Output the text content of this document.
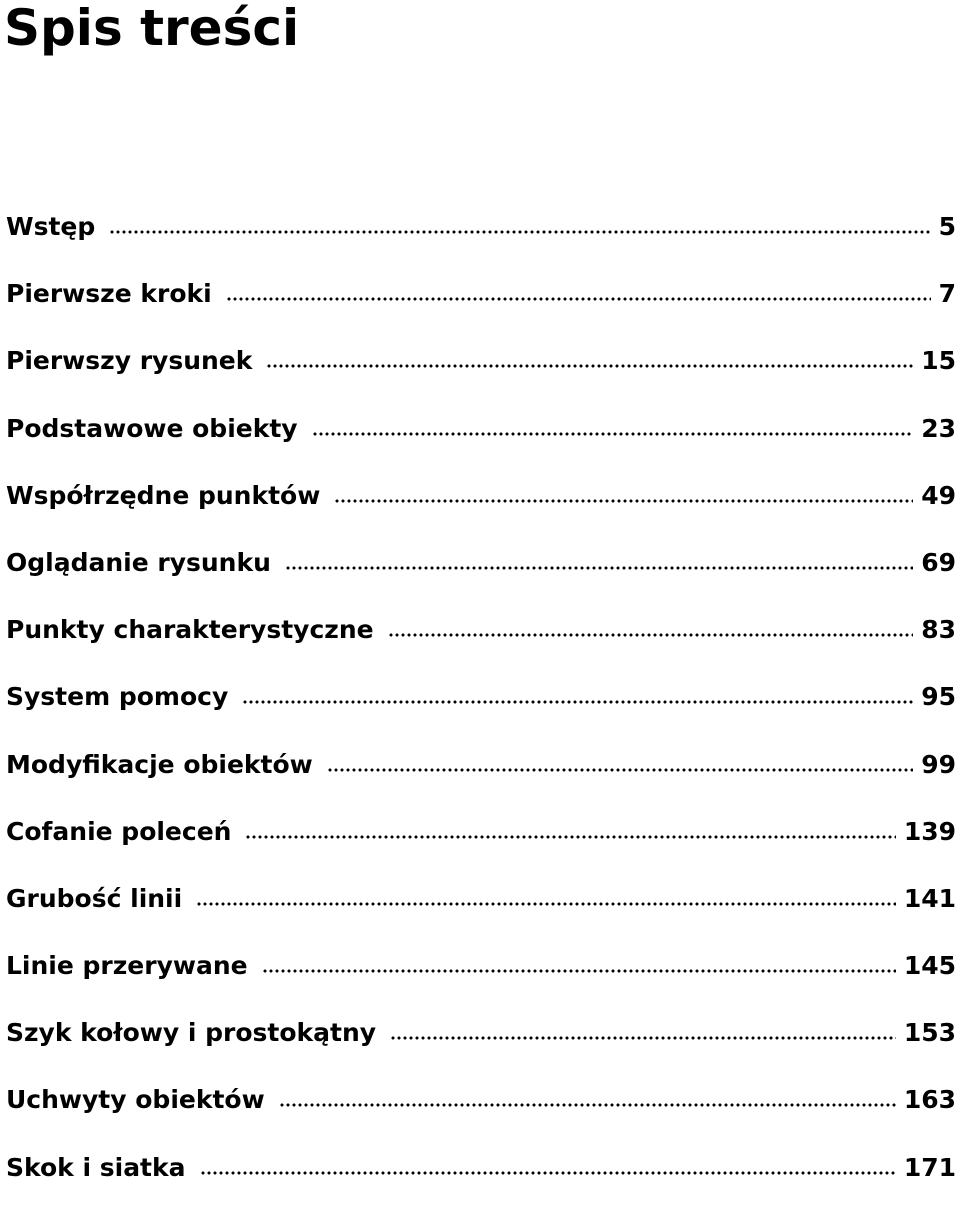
Spis treści
Wstęp	5
Pierwsze kroki	7
Pierwszy rysunek	15
Podstawowe obiekty	23
Współrzędne punktów	49
Oglądanie rysunku	69
Punkty charakterystyczne	83
System pomocy	95
Modyfikacje obiektów	99
Cofanie poleceń	139
Grubość linii	141
Linie przerywane	145
Szyk kołowy i prostokątny	153
Uchwyty obiektów	163
Skok i siatka	171
